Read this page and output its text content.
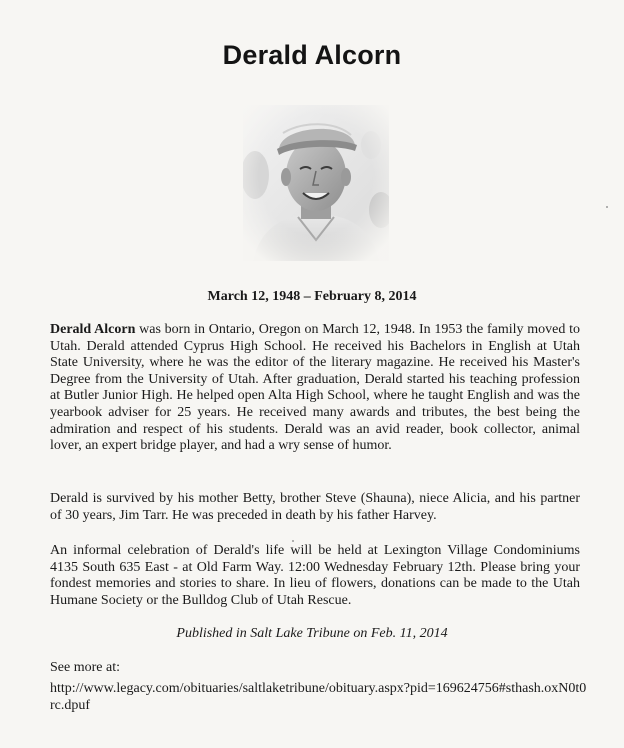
Derald Alcorn
March 12, 1948 – February 8, 2014

Derald Alcorn was born in Ontario, Oregon on March 12, 1948. In 1953 the family moved to Utah. Derald attended Cyprus High School. He received his Bachelors in English at Utah State University, where he was the editor of the literary magazine. He received his Master's Degree from the University of Utah. After graduation, Derald started his teaching profession at Butler Junior High. He helped open Alta High School, where he taught English and was the yearbook adviser for 25 years. He received many awards and tributes, the best being the admiration and respect of his students. Derald was an avid reader, book collector, animal lover, an expert bridge player, and had a wry sense of humor.

Derald is survived by his mother Betty, brother Steve (Shauna), niece Alicia, and his partner of 30 years, Jim Tarr. He was preceded in death by his father Harvey.

An informal celebration of Derald's life will be held at Lexington Village Condominiums 4135 South 635 East - at Old Farm Way. 12:00 Wednesday February 12th. Please bring your fondest memories and stories to share. In lieu of flowers, donations can be made to the Utah Humane Society or the Bulldog Club of Utah Rescue.

Published in Salt Lake Tribune on Feb. 11, 2014

See more at:

http://www.legacy.com/obituaries/saltlaketribune/obituary.aspx?pid=169624756#sthash.oxN0t0rc.dpuf
